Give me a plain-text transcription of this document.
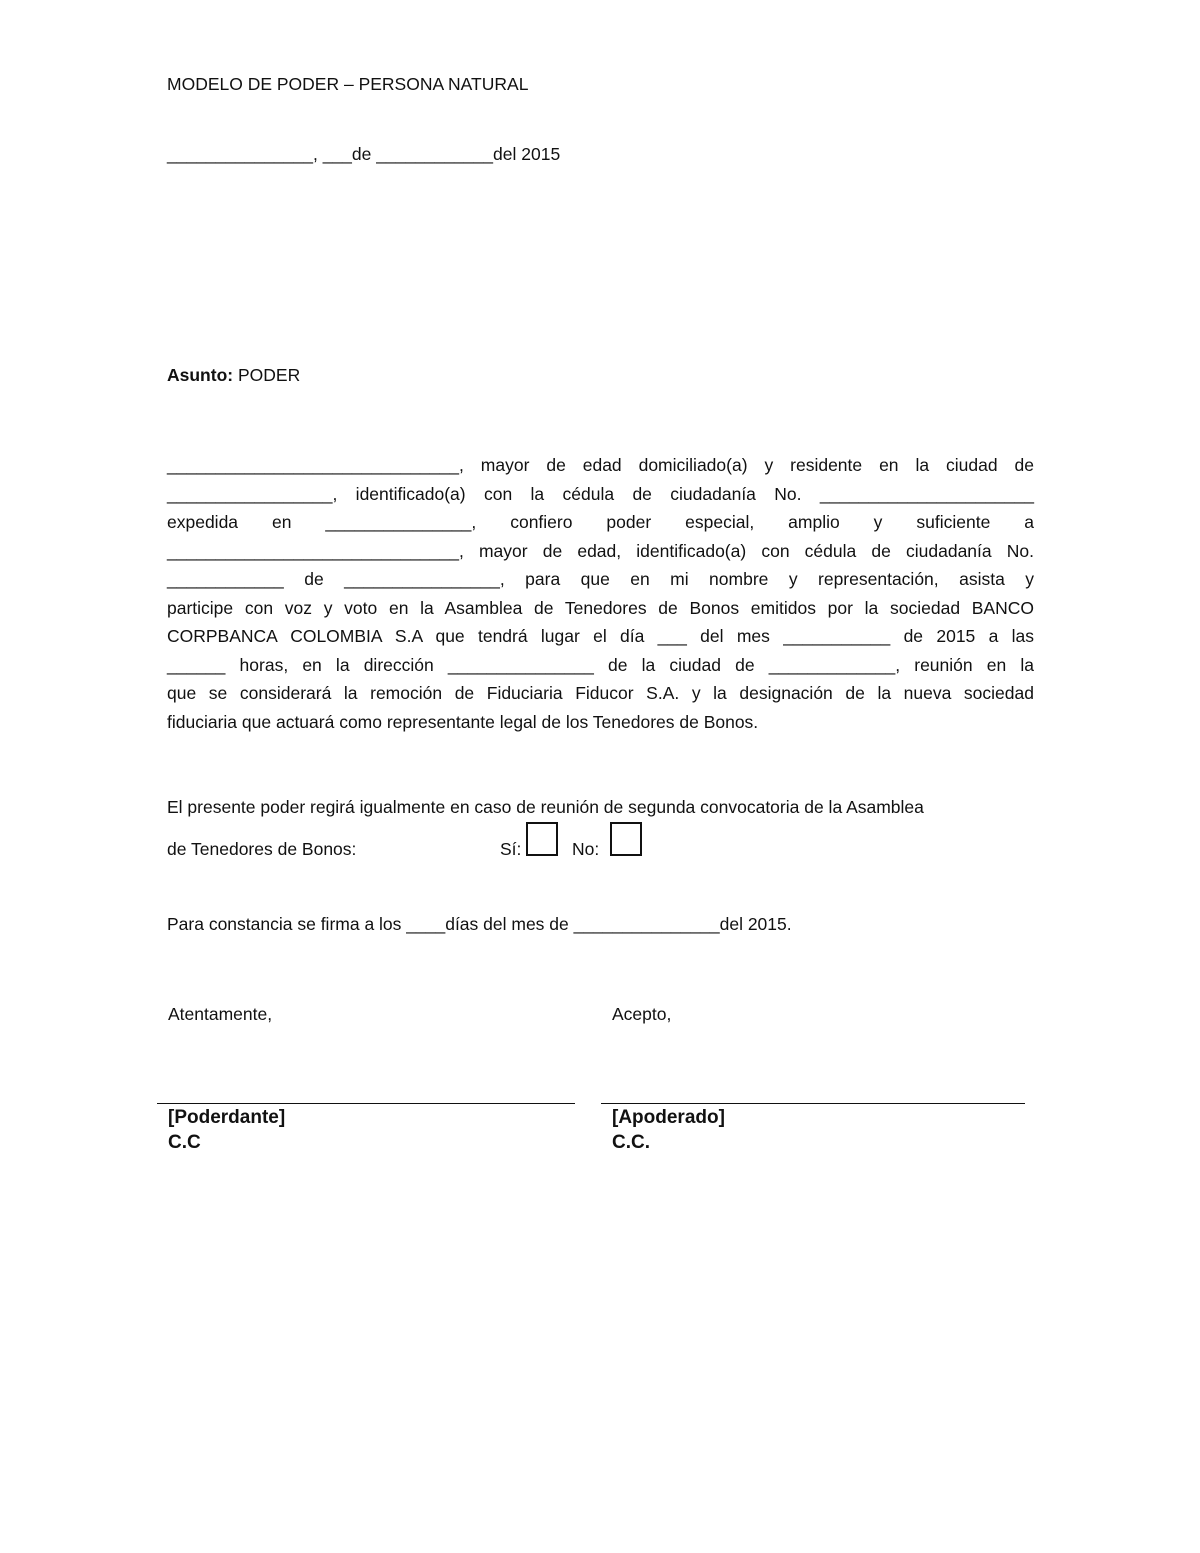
MODELO DE PODER – PERSONA NATURAL
_______________, ___de ____________del 2015
Asunto: PODER
______________________________, mayor de edad domiciliado(a) y residente en la ciudad de
_________________, identificado(a) con la cédula de ciudadanía No. ______________________
expedida en _______________, confiero poder especial, amplio y suficiente a
______________________________, mayor de edad, identificado(a) con cédula de ciudadanía No.
____________ de ________________, para que en mi nombre y representación, asista y
participe con voz y voto en la Asamblea de Tenedores de Bonos emitidos por la sociedad BANCO
CORPBANCA COLOMBIA S.A que tendrá lugar el día ___ del mes ___________ de 2015 a las
______ horas, en la dirección _______________ de la ciudad de _____________, reunión en la
que se considerará la remoción de Fiduciaria Fiducor S.A. y la designación de la nueva sociedad
fiduciaria que actuará como representante legal de los Tenedores de Bonos.
El presente poder regirá igualmente en caso de reunión de segunda convocatoria de la Asamblea
de Tenedores de Bonos:	Sí:	No:
Para constancia se firma a los ____días del mes de _______________del 2015.
Atentamente,	Acepto,
[Poderdante]
C.C
[Apoderado]
C.C.
